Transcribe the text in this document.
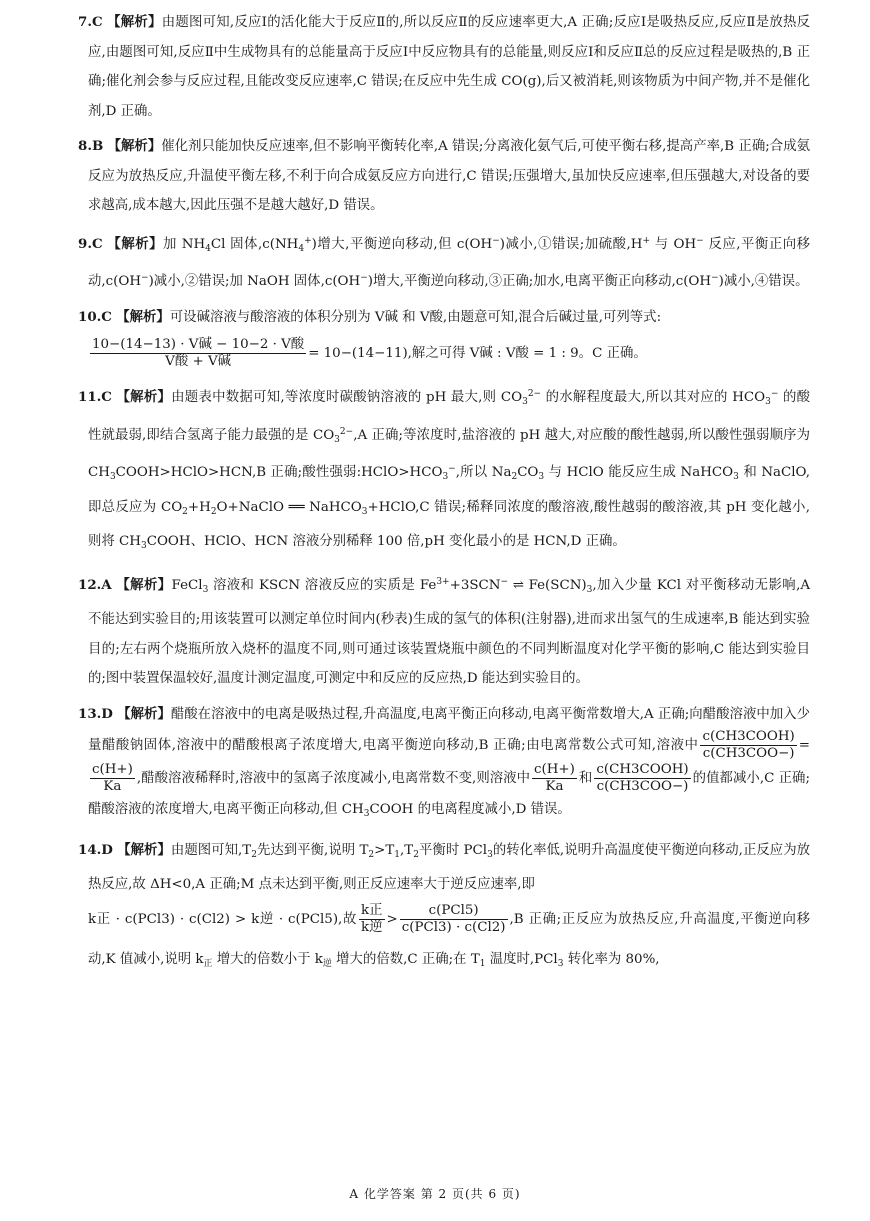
7.C 【解析】由题图可知,反应Ⅰ的活化能大于反应Ⅱ的,所以反应Ⅱ的反应速率更大,A 正确;反应Ⅰ是吸热反应,反应Ⅱ是放热反应,由题图可知,反应Ⅱ中生成物具有的总能量高于反应Ⅰ中反应物具有的总能量,则反应Ⅰ和反应Ⅱ总的反应过程是吸热的,B 正确;催化剂会参与反应过程,且能改变反应速率,C 错误;在反应中先生成 CO(g),后又被消耗,则该物质为中间产物,并不是催化剂,D 正确。

8.B 【解析】催化剂只能加快反应速率,但不影响平衡转化率,A 错误;分离液化氨气后,可使平衡右移,提高产率,B 正确;合成氨反应为放热反应,升温使平衡左移,不利于向合成氨反应方向进行,C 错误;压强增大,虽加快反应速率,但压强越大,对设备的要求越高,成本越大,因此压强不是越大越好,D 错误。

9.C 【解析】加 $NH_4Cl$ 固体$,c(NH_4^+)$增大,平衡逆向移动,但 c(OH−)减小,①错误;加硫酸,H+ 与 OH− 反应,平衡正向移动,c(OH−)减小,②错误;加 NaOH 固体,c(OH−)增大,平衡逆向移动,③正确;加水,电离平衡正向移动,c(OH−)减小,④错误。

10.C 【解析】可设碱溶液与酸溶液的体积分别为 V碱 和 V酸,由题意可知,混合后碱过量,可列等式:

$\frac{\text{10−(14−13) · V碱 − 10−2 · V酸}}{\text{V酸 + V碱}} = 10-(14-11)$,解之可得 V碱 : V酸 = 1 : 9。C 正确。

11.C 【解析】由题表中数据可知,等浓度时碳酸钠溶液的 pH 最大,则 $CO_3^{2-}$ 的水解程度最大,所以其对应的 $HCO_3^-$ 的酸性就最弱,即结合氢离子能力最强的是 $CO_3^{2-},A$ 正确;等浓度时,盐溶液的 pH 越大,对应酸的酸性越弱,所以酸性强弱顺序为 $CH_3COOH>HClO>HCN,B$ 正确;酸性强弱$:HClO>HCO_3^-$,所以 $Na_2CO_3$ 与 HClO 能反应生成 NaHCO$_3$ 和 NaClO,即总反应为 $CO_2+H_2O+NaClO$ ══ NaHCO$_3$+HClO,C 错误;稀释同浓度的酸溶液,酸性越弱的酸溶液,其 pH 变化越小,则将 $CH_3COOH$、HClO、HCN 溶液分别稀释 100 倍,pH 变化最小的是 HCN,D 正确。

12.A 【解析】FeCl$_3$ 溶液和 KSCN 溶液反应的实质是 $Fe^{3+}+3SCN^-$ ⇌ $Fe(SCN)_3$,加入少量 KCl 对平衡移动无影响,A 不能达到实验目的;用该装置可以测定单位时间内(秒表)生成的氢气的体积(注射器),进而求出氢气的生成速率,B 能达到实验目的;左右两个烧瓶所放入烧杯的温度不同,则可通过该装置烧瓶中颜色的不同判断温度对化学平衡的影响,C 能达到实验目的;图中装置保温较好,温度计测定温度,可测定中和反应的反应热,D 能达到实验目的。

13.D 【解析】醋酸在溶液中的电离是吸热过程,升高温度,电离平衡正向移动,电离平衡常数增大,A 正确;向醋酸溶液中加入少量醋酸钠固体,溶液中的醋酸根离子浓度增大,电离平衡逆向移动,B 正确;由电离常数公式可知,溶液中 $\frac{\text{c(CH3COOH)}}{\text{c(CH3COO−)}}$ =
$\frac{c(H+)}{Ka}$ ,醋酸溶液稀释时,溶液中的氢离子浓度减小,电离常数不变,则溶液中 $\frac{c(H+)}{Ka}$ 和 $\frac{\text{c(CH3COOH)}}{\text{c(CH3COO−)}}$ 的值都减小,C 正确;醋酸溶液的浓度增大,电离平衡正向移动,但 $CH_3COOH$ 的电离程度减小,D 错误。

14.D 【解析】由题图可知$,T_2$先达到平衡,说明 $T_2>T_1,T_2$平衡时 PCl$_3$的转化率低,说明升高温度使平衡逆向移动,正反应为放热反应,故 ΔH<0,A 正确;M 点未达到平衡,则正反应速率大于逆反应速率,即

k正 · c(PCl3) · c(Cl2) > k逆 · c(PCl5),故 $\frac{\text{k正}}{\text{k逆}} > \frac{\text{c(PCl5)}}{\text{c(PCl3) · c(Cl2)}} ,B$ 正确;正反应为放热反应,升高温度,平衡逆向移动,K 值减小,说明 $k_正$ 增大的倍数小于 $k_逆$ 增大的倍数,C 正确;在 $T_1$ 温度时,PCl$_3$ 转化率为 80%,

A 化学答案 第 2 页(共 6 页)
